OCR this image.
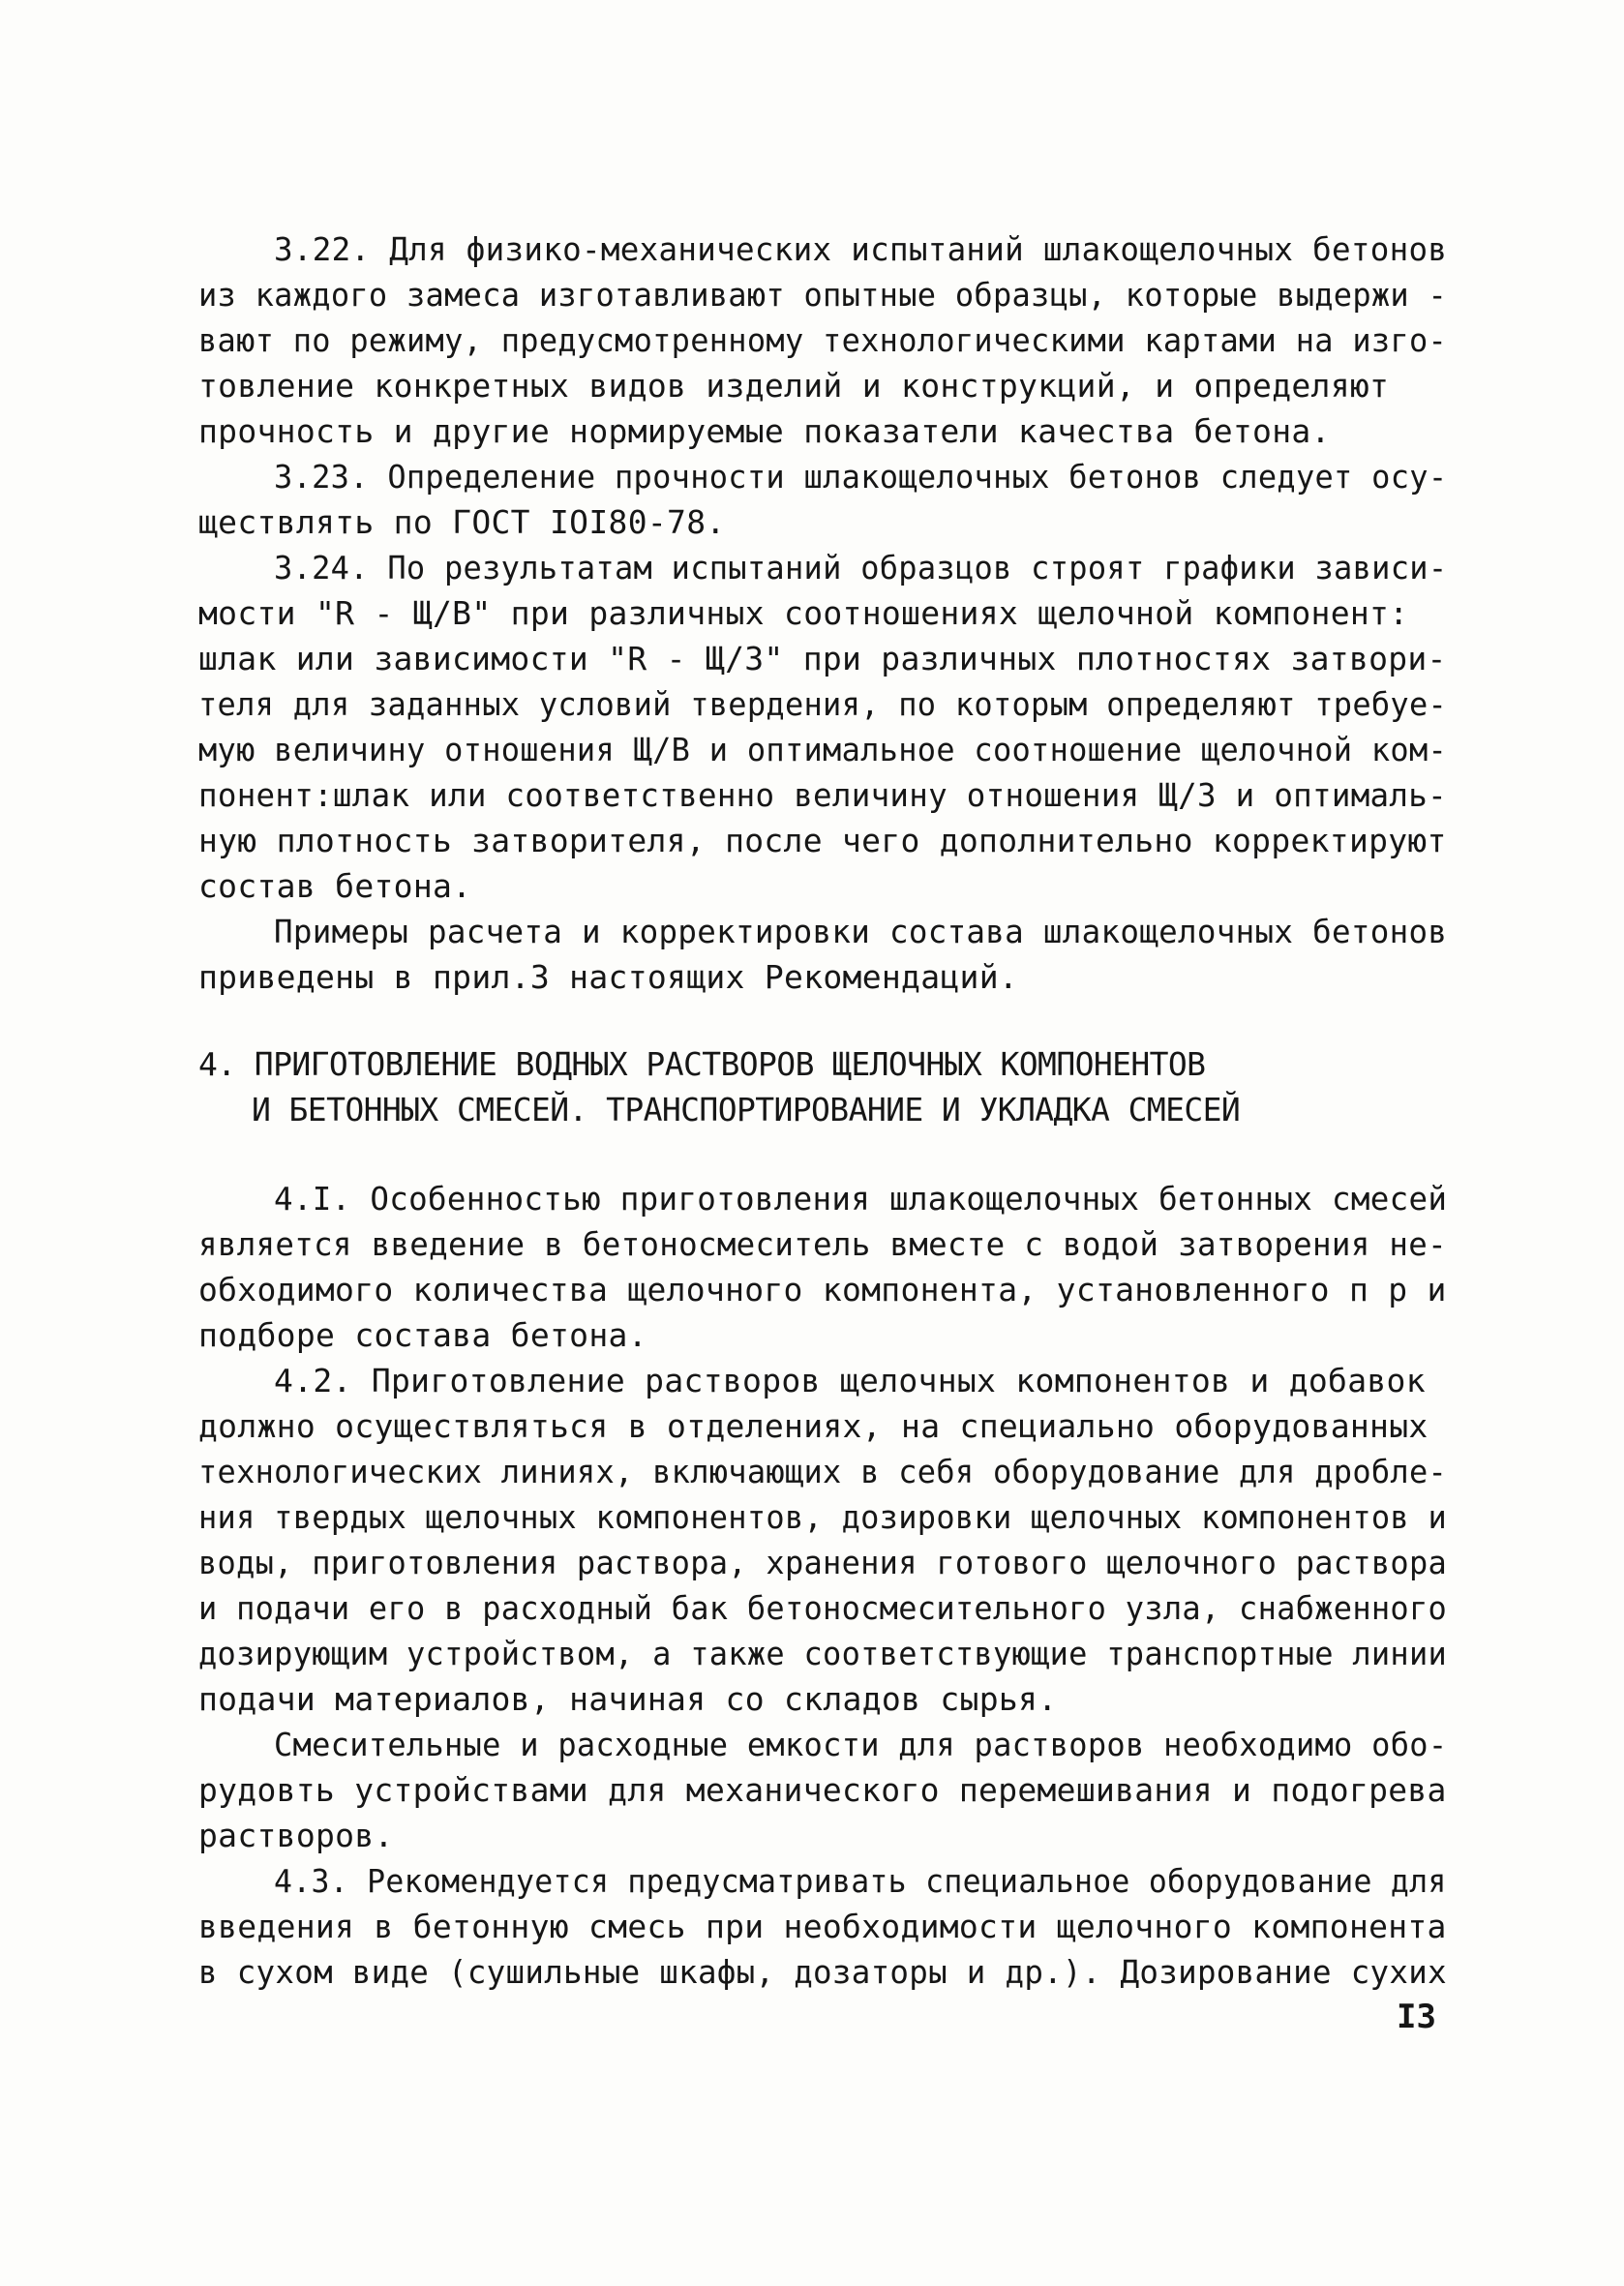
3.22. Для физико-механических испытаний шлакощелочных бетонов
из каждого замеса изготавливают опытные образцы, которые выдержи -
вают по режиму, предусмотренному технологическими картами на изго-
товление конкретных видов изделий и конструкций, и определяют
прочность и другие нормируемые показатели качества бетона.
3.23. Определение прочности шлакощелочных бетонов следует осу-
ществлять по ГОСТ IOI80-78.
3.24. По результатам испытаний образцов строят графики зависи-
мости "R - Щ/В" при различных соотношениях щелочной компонент:
шлак или зависимости "R - Щ/З" при различных плотностях затвори-
теля для заданных условий твердения, по которым определяют требуе-
мую величину отношения Щ/В и оптимальное соотношение щелочной ком-
понент:шлак или соответственно величину отношения Щ/З и оптималь-
ную плотность затворителя, после чего дополнительно корректируют
состав бетона.
Примеры расчета и корректировки состава шлакощелочных бетонов
приведены в прил.3 настоящих Рекомендаций.
4. ПРИГОТОВЛЕНИЕ ВОДНЫХ РАСТВОРОВ ЩЕЛОЧНЫХ КОМПОНЕНТОВ
И БЕТОННЫХ СМЕСЕЙ. ТРАНСПОРТИРОВАНИЕ И УКЛАДКА СМЕСЕЙ
4.I. Особенностью приготовления шлакощелочных бетонных смесей
является введение в бетоносмеситель вместе с водой затворения не-
обходимого количества щелочного компонента, установленного п р и
подборе состава бетона.
4.2. Приготовление растворов щелочных компонентов и добавок
должно осуществляться в отделениях, на специально оборудованных
технологических линиях, включающих в себя оборудование для дробле-
ния твердых щелочных компонентов, дозировки щелочных компонентов и
воды, приготовления раствора, хранения готового щелочного раствора
и подачи его в расходный бак бетоносмесительного узла, снабженного
дозирующим устройством, а также соответствующие транспортные линии
подачи материалов, начиная со складов сырья.
Смесительные и расходные емкости для растворов необходимо обо-
рудовть устройствами для механического перемешивания и подогрева
растворов.
4.3. Рекомендуется предусматривать специальное оборудование для
введения в бетонную смесь при необходимости щелочного компонента
в сухом виде (сушильные шкафы, дозаторы и др.). Дозирование сухих
I3
